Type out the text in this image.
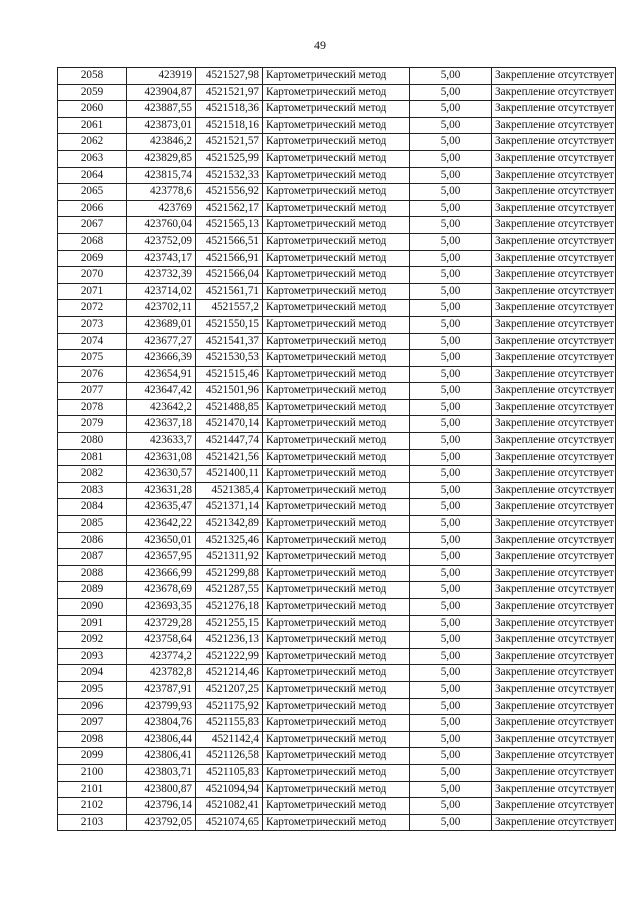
49
2058	423919	4521527,98	Картометрический метод	5,00	Закрепление отсутствует
2059	423904,87	4521521,97	Картометрический метод	5,00	Закрепление отсутствует
2060	423887,55	4521518,36	Картометрический метод	5,00	Закрепление отсутствует
2061	423873,01	4521518,16	Картометрический метод	5,00	Закрепление отсутствует
2062	423846,2	4521521,57	Картометрический метод	5,00	Закрепление отсутствует
2063	423829,85	4521525,99	Картометрический метод	5,00	Закрепление отсутствует
2064	423815,74	4521532,33	Картометрический метод	5,00	Закрепление отсутствует
2065	423778,6	4521556,92	Картометрический метод	5,00	Закрепление отсутствует
2066	423769	4521562,17	Картометрический метод	5,00	Закрепление отсутствует
2067	423760,04	4521565,13	Картометрический метод	5,00	Закрепление отсутствует
2068	423752,09	4521566,51	Картометрический метод	5,00	Закрепление отсутствует
2069	423743,17	4521566,91	Картометрический метод	5,00	Закрепление отсутствует
2070	423732,39	4521566,04	Картометрический метод	5,00	Закрепление отсутствует
2071	423714,02	4521561,71	Картометрический метод	5,00	Закрепление отсутствует
2072	423702,11	4521557,2	Картометрический метод	5,00	Закрепление отсутствует
2073	423689,01	4521550,15	Картометрический метод	5,00	Закрепление отсутствует
2074	423677,27	4521541,37	Картометрический метод	5,00	Закрепление отсутствует
2075	423666,39	4521530,53	Картометрический метод	5,00	Закрепление отсутствует
2076	423654,91	4521515,46	Картометрический метод	5,00	Закрепление отсутствует
2077	423647,42	4521501,96	Картометрический метод	5,00	Закрепление отсутствует
2078	423642,2	4521488,85	Картометрический метод	5,00	Закрепление отсутствует
2079	423637,18	4521470,14	Картометрический метод	5,00	Закрепление отсутствует
2080	423633,7	4521447,74	Картометрический метод	5,00	Закрепление отсутствует
2081	423631,08	4521421,56	Картометрический метод	5,00	Закрепление отсутствует
2082	423630,57	4521400,11	Картометрический метод	5,00	Закрепление отсутствует
2083	423631,28	4521385,4	Картометрический метод	5,00	Закрепление отсутствует
2084	423635,47	4521371,14	Картометрический метод	5,00	Закрепление отсутствует
2085	423642,22	4521342,89	Картометрический метод	5,00	Закрепление отсутствует
2086	423650,01	4521325,46	Картометрический метод	5,00	Закрепление отсутствует
2087	423657,95	4521311,92	Картометрический метод	5,00	Закрепление отсутствует
2088	423666,99	4521299,88	Картометрический метод	5,00	Закрепление отсутствует
2089	423678,69	4521287,55	Картометрический метод	5,00	Закрепление отсутствует
2090	423693,35	4521276,18	Картометрический метод	5,00	Закрепление отсутствует
2091	423729,28	4521255,15	Картометрический метод	5,00	Закрепление отсутствует
2092	423758,64	4521236,13	Картометрический метод	5,00	Закрепление отсутствует
2093	423774,2	4521222,99	Картометрический метод	5,00	Закрепление отсутствует
2094	423782,8	4521214,46	Картометрический метод	5,00	Закрепление отсутствует
2095	423787,91	4521207,25	Картометрический метод	5,00	Закрепление отсутствует
2096	423799,93	4521175,92	Картометрический метод	5,00	Закрепление отсутствует
2097	423804,76	4521155,83	Картометрический метод	5,00	Закрепление отсутствует
2098	423806,44	4521142,4	Картометрический метод	5,00	Закрепление отсутствует
2099	423806,41	4521126,58	Картометрический метод	5,00	Закрепление отсутствует
2100	423803,71	4521105,83	Картометрический метод	5,00	Закрепление отсутствует
2101	423800,87	4521094,94	Картометрический метод	5,00	Закрепление отсутствует
2102	423796,14	4521082,41	Картометрический метод	5,00	Закрепление отсутствует
2103	423792,05	4521074,65	Картометрический метод	5,00	Закрепление отсутствует
